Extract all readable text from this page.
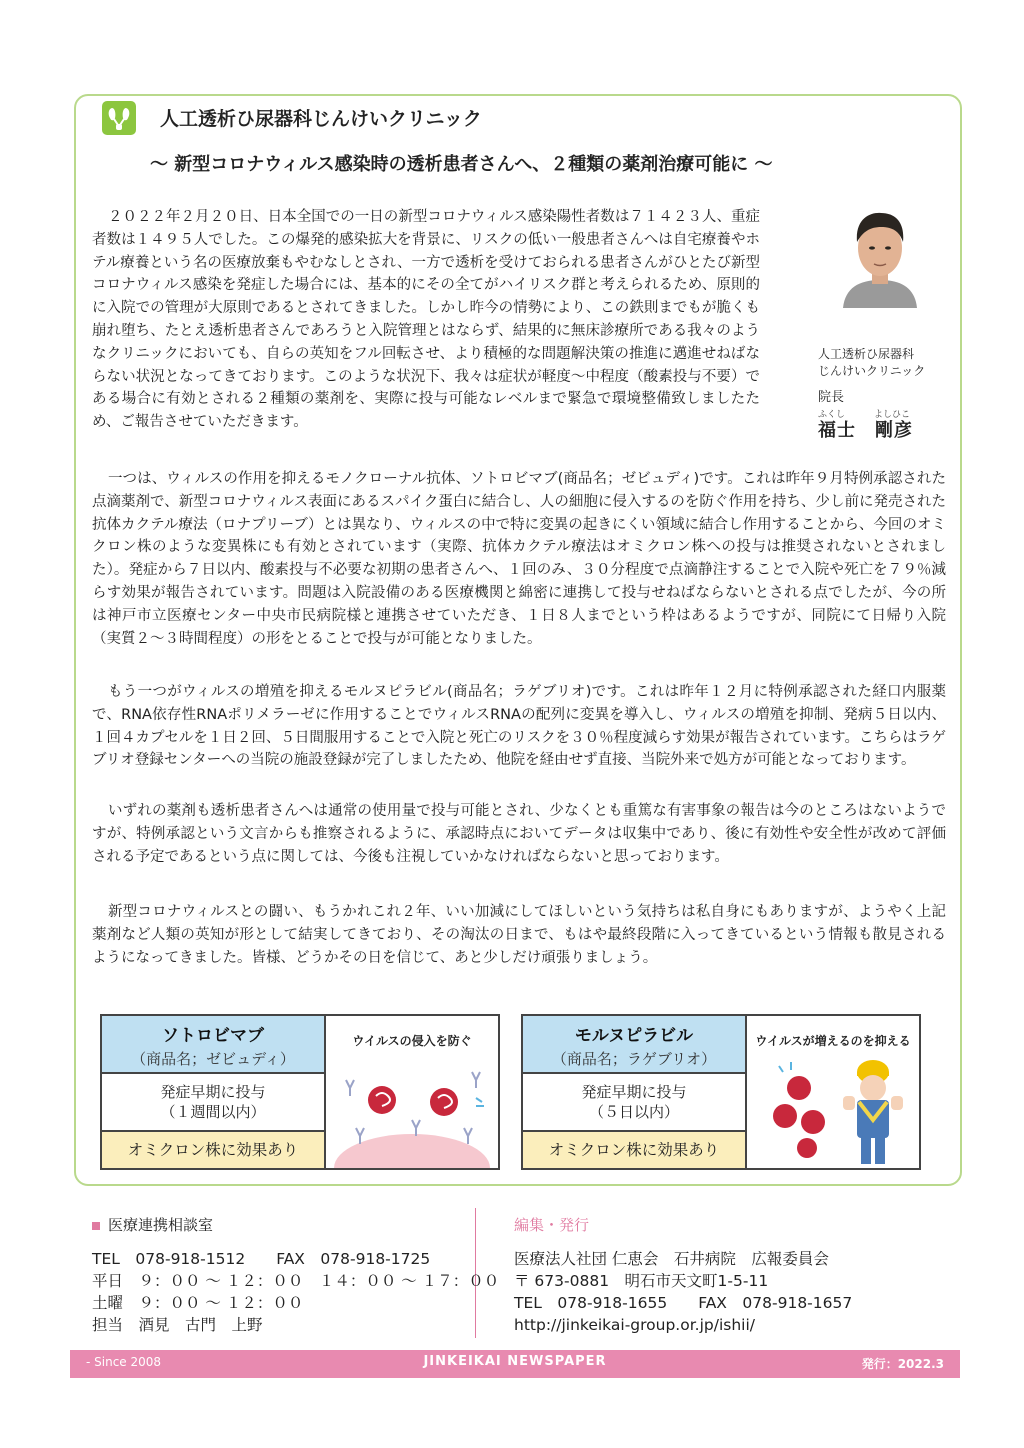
人工透析ひ尿器科じんけいクリニック
～ 新型コロナウィルス感染時の透析患者さんへ、２種類の薬剤治療可能に ～

２０２２年２月２０日、日本全国での一日の新型コロナウィルス感染陽性者数は７１４２３人、重症者数は１４９５人でした。この爆発的感染拡大を背景に、リスクの低い一般患者さんへは自宅療養やホテル療養という名の医療放棄もやむなしとされ、一方で透析を受けておられる患者さんがひとたび新型コロナウィルス感染を発症した場合には、基本的にその全てがハイリスク群と考えられるため、原則的に入院での管理が大原則であるとされてきました。しかし昨今の情勢により、この鉄則までもが脆くも崩れ堕ち、たとえ透析患者さんであろうと入院管理とはならず、結果的に無床診療所である我々のようなクリニックにおいても、自らの英知をフル回転させ、より積極的な問題解決策の推進に邁進せねばならない状況となってきております。このような状況下、我々は症状が軽度～中程度（酸素投与不要）である場合に有効とされる２種類の薬剤を、実際に投与可能なレベルまで緊急で環境整備致しましたため、ご報告させていただきます。

人工透析ひ尿器科
じんけいクリニック
院長
ふくし	よしひこ
福士　剛彦

一つは、ウィルスの作用を抑えるモノクローナル抗体、ソトロビマブ(商品名；ゼビュディ)です。これは昨年９月特例承認された点滴薬剤で、新型コロナウィルス表面にあるスパイク蛋白に結合し、人の細胞に侵入するのを防ぐ作用を持ち、少し前に発売された抗体カクテル療法（ロナプリーブ）とは異なり、ウィルスの中で特に変異の起きにくい領域に結合し作用することから、今回のオミクロン株のような変異株にも有効とされています（実際、抗体カクテル療法はオミクロン株への投与は推奨されないとされました）。発症から７日以内、酸素投与不必要な初期の患者さんへ、１回のみ、３０分程度で点滴静注することで入院や死亡を７９％減らす効果が報告されています。問題は入院設備のある医療機関と綿密に連携して投与せねばならないとされる点でしたが、今の所は神戸市立医療センター中央市民病院様と連携させていただき、１日８人までという枠はあるようですが、同院にて日帰り入院（実質２～３時間程度）の形をとることで投与が可能となりました。

もう一つがウィルスの増殖を抑えるモルヌピラビル(商品名；ラゲブリオ)です。これは昨年１２月に特例承認された経口内服薬で、RNA依存性RNAポリメラーゼに作用することでウィルスRNAの配列に変異を導入し、ウィルスの増殖を抑制、発病５日以内、１回４カプセルを１日２回、５日間服用することで入院と死亡のリスクを３０％程度減らす効果が報告されています。こちらはラゲブリオ登録センターへの当院の施設登録が完了しましたため、他院を経由せず直接、当院外来で処方が可能となっております。

いずれの薬剤も透析患者さんへは通常の使用量で投与可能とされ、少なくとも重篤な有害事象の報告は今のところはないようですが、特例承認という文言からも推察されるように、承認時点においてデータは収集中であり、後に有効性や安全性が改めて評価される予定であるという点に関しては、今後も注視していかなければならないと思っております。

新型コロナウィルスとの闘い、もうかれこれ２年、いい加減にしてほしいという気持ちは私自身にもありますが、ようやく上記薬剤など人類の英知が形として結実してきており、その淘汰の日まで、もはや最終段階に入ってきているという情報も散見されるようになってきました。皆様、どうかその日を信じて、あと少しだけ頑張りましょう。

ソトロビマブ
（商品名；ゼビュディ）
発症早期に投与
（１週間以内）
オミクロン株に効果あり
ウイルスの侵入を防ぐ	モルヌピラビル
（商品名；ラゲブリオ）
発症早期に投与
（５日以内）
オミクロン株に効果あり
ウイルスが増えるのを抑える
医療連携相談室
TEL　078-918-1512　　FAX　078-918-1725
平日　９：００ ～ １２：００　１４：００ ～ １７：００
土曜　９：００ ～ １２：００
担当　酒見　古門　上野
編集・発行
医療法人社団 仁恵会　石井病院　広報委員会
〒 673-0881　明石市天文町1-5-11
TEL　078-918-1655　　FAX　078-918-1657
http://jinkeikai-group.or.jp/ishii/
- Since 2008	JINKEIKAI NEWSPAPER	発行：2022.3
